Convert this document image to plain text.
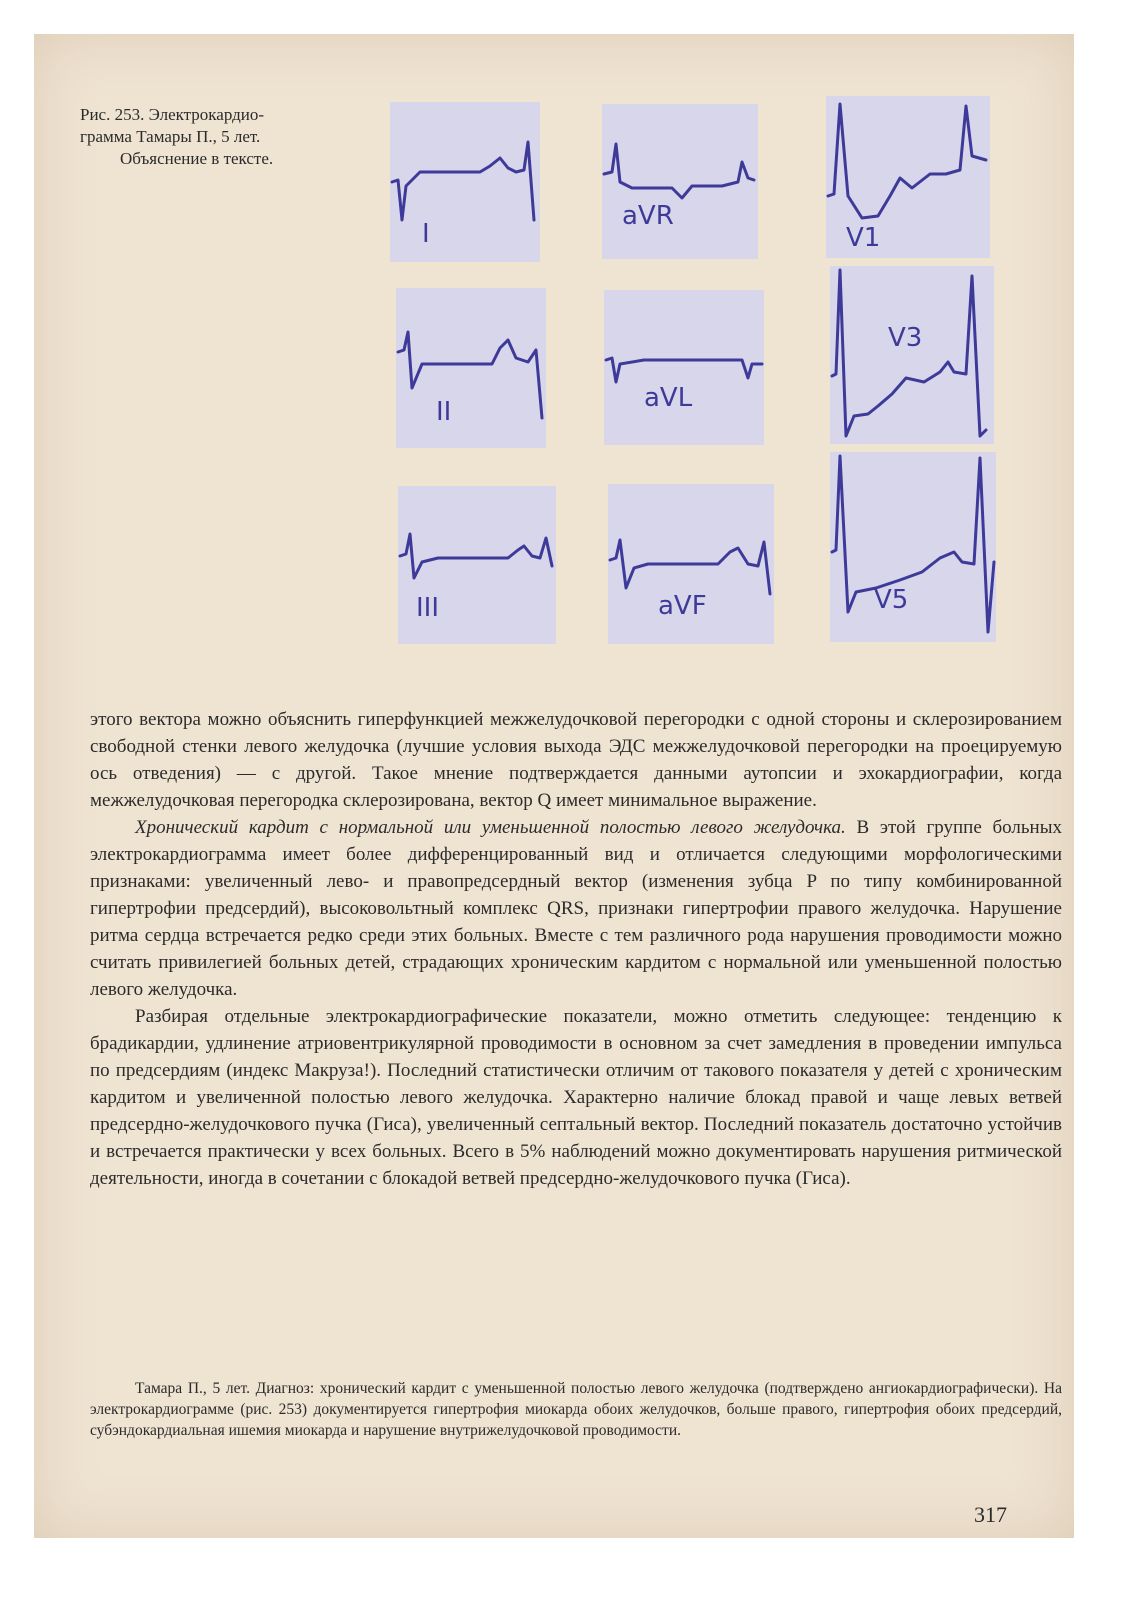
Рис. 253. Электрокардио-
грамма Тамары П., 5 лет.
Объяснение в тексте.
I
aVR
V1
II	aVL
V3
III	aVF	V5

этого вектора можно объяснить гиперфункцией межжелудочковой перегородки с одной стороны и склерозированием свободной стенки левого желудочка (лучшие условия выхода ЭДС межжелудочковой перегородки на проецируемую ось отведения) — с другой. Такое мнение подтверждается данными аутопсии и эхокардиографии, когда межжелудочковая перегородка склерозирована, вектор Q имеет минимальное выражение.

Хронический кардит с нормальной или уменьшенной полостью левого желудочка. В этой группе больных электрокардиограмма имеет более дифференцированный вид и отличается следующими морфологическими признаками: увеличенный лево- и правопредсердный вектор (изменения зубца P по типу комбинированной гипертрофии предсердий), высоковольтный комплекс QRS, признаки гипертрофии правого желудочка. Нарушение ритма сердца встречается редко среди этих больных. Вместе с тем различного рода нарушения проводимости можно считать привилегией больных детей, страдающих хроническим кардитом с нормальной или уменьшенной полостью левого желудочка.

Разбирая отдельные электрокардиографические показатели, можно отметить следующее: тенденцию к брадикардии, удлинение атриовентрикулярной проводимости в основном за счет замедления в проведении импульса по предсердиям (индекс Макруза!). Последний статистически отличим от такового показателя у детей с хроническим кардитом и увеличенной полостью левого желудочка. Характерно наличие блокад правой и чаще левых ветвей предсердно-желудочкового пучка (Гиса), увеличенный септальный вектор. Последний показатель достаточно устойчив и встречается практически у всех больных. Всего в 5% наблюдений можно документировать нарушения ритмической деятельности, иногда в сочетании с блокадой ветвей предсердно-желудочкового пучка (Гиса).

Тамара П., 5 лет. Диагноз: хронический кардит с уменьшенной полостью левого желудочка (подтверждено ангиокардиографически). На электрокардиограмме (рис. 253) документируется гипертрофия миокарда обоих желудочков, больше правого, гипертрофия обоих предсердий, субэндокардиальная ишемия миокарда и нарушение внутрижелудочковой проводимости.
317
